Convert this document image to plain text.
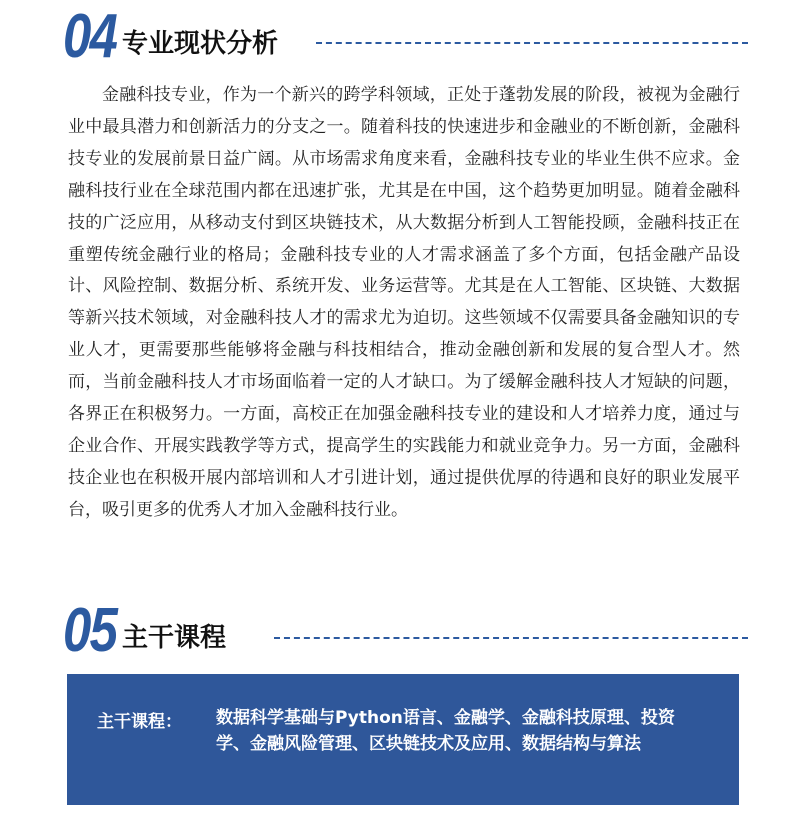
04 专业现状分析

金融科技专业，作为一个新兴的跨学科领域，正处于蓬勃发展的阶段，被视为金融行业中最具潜力和创新活力的分支之一。随着科技的快速进步和金融业的不断创新，金融科技专业的发展前景日益广阔。从市场需求角度来看，金融科技专业的毕业生供不应求。金融科技行业在全球范围内都在迅速扩张，尤其是在中国，这个趋势更加明显。随着金融科技的广泛应用，从移动支付到区块链技术，从大数据分析到人工智能投顾，金融科技正在重塑传统金融行业的格局；金融科技专业的人才需求涵盖了多个方面，包括金融产品设计、风险控制、数据分析、系统开发、业务运营等。尤其是在人工智能、区块链、大数据等新兴技术领域，对金融科技人才的需求尤为迫切。这些领域不仅需要具备金融知识的专业人才，更需要那些能够将金融与科技相结合，推动金融创新和发展的复合型人才。然而，当前金融科技人才市场面临着一定的人才缺口。为了缓解金融科技人才短缺的问题，各界正在积极努力。一方面，高校正在加强金融科技专业的建设和人才培养力度，通过与企业合作、开展实践教学等方式，提高学生的实践能力和就业竞争力。另一方面，金融科技企业也在积极开展内部培训和人才引进计划，通过提供优厚的待遇和良好的职业发展平台，吸引更多的优秀人才加入金融科技行业。

05 主干课程
主干课程： 数据科学基础与Python语言、金融学、金融科技原理、投资学、金融风险管理、区块链技术及应用、数据结构与算法
